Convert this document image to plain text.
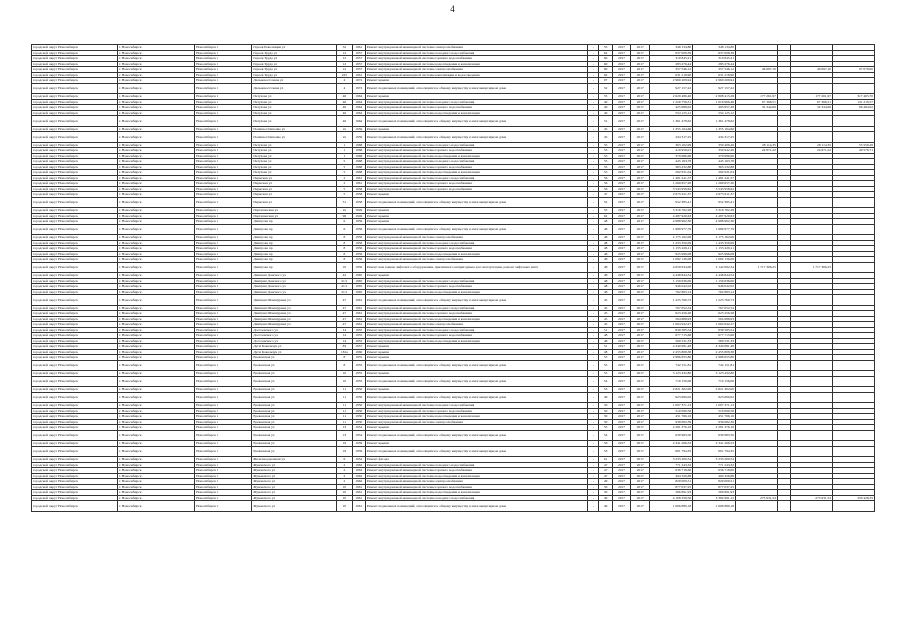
4
городской округ Новосибирск	г. Новосибирск	Новосибирск г	Героев Революции ул	32	1961	Ремонт внутридомовой инженерной системы электроснабжения	-	55	2017	2017	348 134,80	348 134,80				
городской округ Новосибирск	г. Новосибирск	Новосибирск г	Героев Труда ул	12	1957	Ремонт внутридомовой инженерной системы холодного водоснабжения	-	62	2017	2017	837 008,39	837 008,39				
городской округ Новосибирск	г. Новосибирск	Новосибирск г	Героев Труда ул	12	1957	Ремонт внутридомовой инженерной системы горячего водоснабжения	-	60	2017	2017	310 845,21	310 845,21				
городской округ Новосибирск	г. Новосибирск	Новосибирск г	Героев Труда ул	12	1957	Ремонт внутридомовой инженерной системы водоотведения и канализации	-	60	2017	2017	283 276,44	283 276,44				
городской округ Новосибирск	г. Новосибирск	Новосибирск г	Героев Труда ул	12	1957	Ремонт внутридомовой инженерной системы электроснабжения	-	60	2017	2017	357 546,12	357 546,12	46 697,10		46 697,10	97 078,90
городской округ Новосибирск	г. Новосибирск	Новосибирск г	Героев Труда ул	225	1961	Ремонт внутридомовой инженерной системы канализации и водоотведения	-	62	2017	2017	631 218,90	631 218,90				
городской округ Новосибирск	г. Новосибирск	Новосибирск г	Дальневосточная ул	4	1972	Ремонт крыши	-	97	2017	2017	2 960 209,94	2 960 209,94				
городской округ Новосибирск	г. Новосибирск	Новосибирск г	Дальневосточная ул	4	1972	Ремонт подвальных помещений, относящихся к общему имуществу в многоквартирном доме	-	52	2017	2017	927 157,22	927 157,22				
городской округ Новосибирск	г. Новосибирск	Новосибирск г	Петухова ул	46	1964	Ремонт крыши	-	55	2017	2017	2 629 480,40	2 808 415,28	177 261,97		177 261,97	317 465,70
городской округ Новосибирск	г. Новосибирск	Новосибирск г	Петухова ул	46	1964	Ремонт внутридомовой инженерной системы холодного водоснабжения	-	40	2017	2017	1 226 756,51	1 016 966,48	67 366,51		67 366,51	131 218,57
городской округ Новосибирск	г. Новосибирск	Новосибирск г	Петухова ул	46	1964	Ремонт внутридомовой инженерной системы горячего водоснабжения	-	40	2017	2017	425 988,02	493 857,28	32 344,69		32 344,69	66 484,92
городской округ Новосибирск	г. Новосибирск	Новосибирск г	Петухова ул	46	1964	Ремонт внутридомовой инженерной системы водоотведения и канализации	-	40	2017	2017	554 125,12	554 125,12				
городской округ Новосибирск	г. Новосибирск	Новосибирск г	Петухова ул	46	1964	Ремонт подвальных помещений, относящихся к общему имуществу в многоквартирном доме	-	51	2017	2017	1 361 478,62	1 361 478,62				
городской округ Новосибирск	г. Новосибирск	Новосибирск г	Полины Осипенко ул	2а	1959	Ремонт крыши	-	45	2017	2017	1 355 164,66	1 355 164,66				
городской округ Новосибирск	г. Новосибирск	Новосибирск г	Полины Осипенко ул	2а	1959	Ремонт подвальных помещений, относящихся к общему имуществу в многоквартирном доме	-	45	2017	2017	434 317,25	434 317,25				
городской округ Новосибирск	г. Новосибирск	Новосибирск г	Петухова ул	1	1968	Ремонт внутридомовой инженерной системы холодного водоснабжения	-	55	2017	2017	363 162,99	359 406,49	28 114,35		28 114,35	55 550,28
городской округ Новосибирск	г. Новосибирск	Новосибирск г	Петухова ул	1	1968	Ремонт внутридомовой инженерной системы горячего водоснабжения	-	55	2017	2017	410 959,01	359 942,26	24 871,22		24 871,22	49 576,71
городской округ Новосибирск	г. Новосибирск	Новосибирск г	Петухова ул	1	1968	Ремонт внутридомовой инженерной системы водоотведения и канализации	-	55	2017	2017	379 686,60	379 686,60				
городской округ Новосибирск	г. Новосибирск	Новосибирск г	Петухова ул	5	1968	Ремонт внутридомовой инженерной системы холодного водоснабжения	-	55	2017	2017	445 163,78	445 163,78				
городской округ Новосибирск	г. Новосибирск	Новосибирск г	Петухова ул	5	1968	Ремонт внутридомовой инженерной системы горячего водоснабжения	-	55	2017	2017	363 232,88	363 232,88				
городской округ Новосибирск	г. Новосибирск	Новосибирск г	Петухова ул	5	1968	Ремонт внутридомовой инженерной системы водоотведения и канализации	-	55	2017	2017	292 931,04	292 931,04				
городской округ Новосибирск	г. Новосибирск	Новосибирск г	Пермская ул	2	1961	Ремонт внутридомовой инженерной системы холодного водоснабжения	-	56	2017	2017	1 481 241,57	1 481 241,57				
городской округ Новосибирск	г. Новосибирск	Новосибирск г	Пермская ул	2	1961	Ремонт внутридомовой инженерной системы горячего водоснабжения	-	56	2017	2017	1 269 657,20	1 269 657,20				
городской округ Новосибирск	г. Новосибирск	Новосибирск г	Пермская ул	5	1958	Ремонт внутридомовой инженерной системы горячего водоснабжения	-	56	2017	2017	3 543 958,62	3 543 958,62				
городской округ Новосибирск	г. Новосибирск	Новосибирск г	Пермская ул	5	1958	Ремонт крыши	-	47	2017	2017	2 675 611,37	2 675 611,37				
городской округ Новосибирск	г. Новосибирск	Новосибирск г	Пермская ул	51	1958	Ремонт подвальных помещений, относящихся к общему имуществу в многоквартирном доме	-	52	2017	2017	952 385,41	952 385,41				
городской округ Новосибирск	г. Новосибирск	Новосибирск г	Партизанская ул	2а	1949	Ремонт крыши	-	55	2017	2017	5 316 762,28	5 316 762,28				
городской округ Новосибирск	г. Новосибирск	Новосибирск г	Партизанская ул	96	1949	Ремонт крыши	-	62	2017	2017	4 487 920,63	4 487 920,63				
городской округ Новосибирск	г. Новосибирск	Новосибирск г	Дмитрова пр	6	1956	Ремонт крыши	-	48	2017	2017	4 988 962,36	4 988 962,36				
городской округ Новосибирск	г. Новосибирск	Новосибирск г	Дмитрова пр	6	1956	Ремонт подвальных помещений, относящихся к общему имуществу в многоквартирном доме	-	48	2017	2017	1 989 977,79	1 989 977,79				
городской округ Новосибирск	г. Новосибирск	Новосибирск г	Дмитрова пр	8	1956	Ремонт внутридомовой инженерной системы электроснабжения	-	48	2017	2017	2 175 162,06	2 175 162,06				
городской округ Новосибирск	г. Новосибирск	Новосибирск г	Дмитрова пр	8	1956	Ремонт внутридомовой инженерной системы холодного водоснабжения	-	48	2017	2017	1 433 350,09	1 433 350,09				
городской округ Новосибирск	г. Новосибирск	Новосибирск г	Дмитрова пр	8	1956	Ремонт внутридомовой инженерной системы горячего водоснабжения	-	48	2017	2017	1 155 229,11	1 155 229,11				
городской округ Новосибирск	г. Новосибирск	Новосибирск г	Дмитрова пр	8	1956	Ремонт внутридомовой инженерной системы водоотведения и канализации	-	48	2017	2017	925 996,08	925 996,08				
городской округ Новосибирск	г. Новосибирск	Новосибирск г	Дмитрова пр	8	1956	Ремонт внутридомовой инженерной системы электроснабжения	-	48	2017	2017	1 082 136,08	1 082 136,08				
городской округ Новосибирск	г. Новосибирск	Новосибирск г	Дмитрова пр	10	1956	Ремонт или замена лифтового оборудования, признанного непригодным для эксплуатации, ремонт лифтовых шахт	-	48	2017	2017	4 659 934,00	2 142 092,34	1 717 306,25		1 717 306,25	
городской округ Новосибирск	г. Новосибирск	Новосибирск г	Дмитрия Донского ул	42	1965	Ремонт крыши	-	48	2017	2017	4 448 844,54	4 448 844,54				
городской округ Новосибирск	г. Новосибирск	Новосибирск г	Дмитрия Донского ул	21/1	1965	Ремонт внутридомовой инженерной системы холодного водоснабжения	-	48	2017	2017	1 159 636,00	1 159 636,00				
городской округ Новосибирск	г. Новосибирск	Новосибирск г	Дмитрия Донского ул	21/1	1965	Ремонт внутридомовой инженерной системы горячего водоснабжения	-	48	2017	2017	946 042,02	946 042,02				
городской округ Новосибирск	г. Новосибирск	Новосибирск г	Дмитрия Донского ул	21/1	1965	Ремонт внутридомовой инженерной системы водоотведения и канализации	-	48	2017	2017	762 883,14	762 883,14				
городской округ Новосибирск	г. Новосибирск	Новосибирск г	Дмитрия Шамшурина ул	47	1961	Ремонт подвальных помещений, относящихся к общему имуществу в многоквартирном доме	-	45	2017	2017	1 225 760,73	1 225 760,73				
городской округ Новосибирск	г. Новосибирск	Новосибирск г	Дмитрия Шамшурина ул	47	1961	Ремонт внутридомовой инженерной системы холодного водоснабжения	-	45	2017	2017	767 052,54	767 052,54				
городской округ Новосибирск	г. Новосибирск	Новосибирск г	Дмитрия Шамшурина ул	47	1961	Ремонт внутридомовой инженерной системы горячего водоснабжения	-	45	2017	2017	623 456,28	623 456,28				
городской округ Новосибирск	г. Новосибирск	Новосибирск г	Дмитрия Шамшурина ул	47	1961	Ремонт внутридомовой инженерной системы водоотведения и канализации	-	45	2017	2017	504 688,93	504 688,93				
городской округ Новосибирск	г. Новосибирск	Новосибирск г	Дмитрия Шамшурина ул	47	1961	Ремонт внутридомовой инженерной системы электроснабжения	-	45	2017	2017	1 064 942,27	1 064 942,27				
городской округ Новосибирск	г. Новосибирск	Новосибирск г	Достоевского ул	14	1955	Ремонт внутридомовой инженерной системы холодного водоснабжения	-	51	2017	2017	839 585,54	839 585,54				
городской округ Новосибирск	г. Новосибирск	Новосибирск г	Достоевского ул	14	1955	Ремонт внутридомовой инженерной системы горячего водоснабжения	-	48	2017	2017	677 715,68	677 715,68				
городской округ Новосибирск	г. Новосибирск	Новосибирск г	Достоевского ул	14	1955	Ремонт внутридомовой инженерной системы водоотведения и канализации	-	48	2017	2017	560 531,33	560 531,33				
городской округ Новосибирск	г. Новосибирск	Новосибирск г	Дуси Ковальчук ул	83	1957	Ремонт крыши	-	51	2017	2017	4 340 081,48	4 340 081,48				
городской округ Новосибирск	г. Новосибирск	Новосибирск г	Дуси Ковальчук ул	181а	1960	Ремонт крыши	-	48	2017	2017	2 455 808,38	2 455 808,38				
городской округ Новосибирск	г. Новосибирск	Новосибирск г	Ереванская ул	8	1955	Ремонт крыши	-	55	2017	2017	2 986 655,80	2 986 655,80				
городской округ Новосибирск	г. Новосибирск	Новосибирск г	Ереванская ул	8	1955	Ремонт подвальных помещений, относящихся к общему имуществу в многоквартирном доме	-	55	2017	2017	742 151,81	742 151,81				
городской округ Новосибирск	г. Новосибирск	Новосибирск г	Ереванская ул	10	1955	Ремонт крыши	-	55	2017	2017	3 123 432,80	3 123 432,80				
городской округ Новосибирск	г. Новосибирск	Новосибирск г	Ереванская ул	10	1955	Ремонт подвальных помещений, относящихся к общему имуществу в многоквартирном доме	-	54	2017	2017	710 156,06	710 156,06				
городской округ Новосибирск	г. Новосибирск	Новосибирск г	Ереванская ул	11	1950	Ремонт крыши	-	53	2017	2017	2 821 302,00	2 821 302,00				
городской округ Новосибирск	г. Новосибирск	Новосибирск г	Ереванская ул	11	1950	Ремонт подвальных помещений, относящихся к общему имуществу в многоквартирном доме	-	49	2017	2017	923 690,02	923 690,02				
городской округ Новосибирск	г. Новосибирск	Новосибирск г	Ереванская ул	11	1950	Ремонт внутридомовой инженерной системы холодного водоснабжения	-	50	2017	2017	1 097 371,13	1 097 371,13				
городской округ Новосибирск	г. Новосибирск	Новосибирск г	Ереванская ул	11	1950	Ремонт внутридомовой инженерной системы горячего водоснабжения	-	50	2017	2017	510 090,58	510 090,58				
городской округ Новосибирск	г. Новосибирск	Новосибирск г	Ереванская ул	11	1950	Ремонт внутридомовой инженерной системы водоотведения и канализации	-	50	2017	2017	451 766,16	451 766,16				
городской округ Новосибирск	г. Новосибирск	Новосибирск г	Ереванская ул	11	1950	Ремонт внутридомовой инженерной системы электроснабжения	-	50	2017	2017	939 082,39	939 082,39				
городской округ Новосибирск	г. Новосибирск	Новосибирск г	Ереванская ул	13	1954	Ремонт крыши	-	55	2017	2017	2 281 376,16	2 281 376,16				
городской округ Новосибирск	г. Новосибирск	Новосибирск г	Ереванская ул	13	1954	Ремонт подвальных помещений, относящихся к общему имуществу в многоквартирном доме	-	54	2017	2017	630 983,50	630 983,50				
городской округ Новосибирск	г. Новосибирск	Новосибирск г	Ереванская ул	19	1959	Ремонт крыши	-	56	2017	2017	2 341 266,53	2 341 266,53				
городской округ Новосибирск	г. Новосибирск	Новосибирск г	Ереванская ул	19	1959	Ремонт подвальных помещений, относящихся к общему имуществу в многоквартирном доме	-	53	2017	2017	601 794,35	601 794,35				
городской округ Новосибирск	г. Новосибирск	Новосибирск г	Железнодорожная ул	6	1952	Ремонт фасада	-	61	2017	2017	3 233 200,54	3 233 200,54				
городской округ Новосибирск	г. Новосибирск	Новосибирск г	Жуковского ул	2	1962	Ремонт внутридомовой инженерной системы холодного водоснабжения	-	47	2017	2017	771 243,32	771 243,32				
городской округ Новосибирск	г. Новосибирск	Новосибирск г	Жуковского ул	2	1962	Ремонт внутридомовой инженерной системы горячего водоснабжения	-	47	2017	2017	636 718,60	636 718,60				
городской округ Новосибирск	г. Новосибирск	Новосибирск г	Жуковского ул	2	1962	Ремонт внутридомовой инженерной системы водоотведения и канализации	-	47	2017	2017	494 326,88	494 326,88				
городской округ Новосибирск	г. Новосибирск	Новосибирск г	Жуковского ул	2	1962	Ремонт внутридомовой инженерной системы электроснабжения	-	49	2017	2017	829 009,51	829 009,51				
городской округ Новосибирск	г. Новосибирск	Новосибирск г	Жуковского ул	10	1961	Ремонт внутридомовой инженерной системы горячего водоснабжения	-	50	2017	2017	877 037,25	877 037,25				
городской округ Новосибирск	г. Новосибирск	Новосибирск г	Жуковского ул	10	1961	Ремонт внутридомовой инженерной системы водоотведения и канализации	-	50	2017	2017	566 891,93	566 891,93				
городской округ Новосибирск	г. Новосибирск	Новосибирск г	Жуковского ул	10	1961	Ремонт внутридомовой инженерной системы холодного водоснабжения	-	49	2017	2017	4 108 358,50	3 382 691,12	273 931,54		273 931,54	350 428,35
городской округ Новосибирск	г. Новосибирск	Новосибирск г	Жуковского ул	10	1961	Ремонт подвальных помещений, относящихся к общему имуществу в многоквартирном доме	-	49	2017	2017	1 606 880,18	1 606 880,18				
